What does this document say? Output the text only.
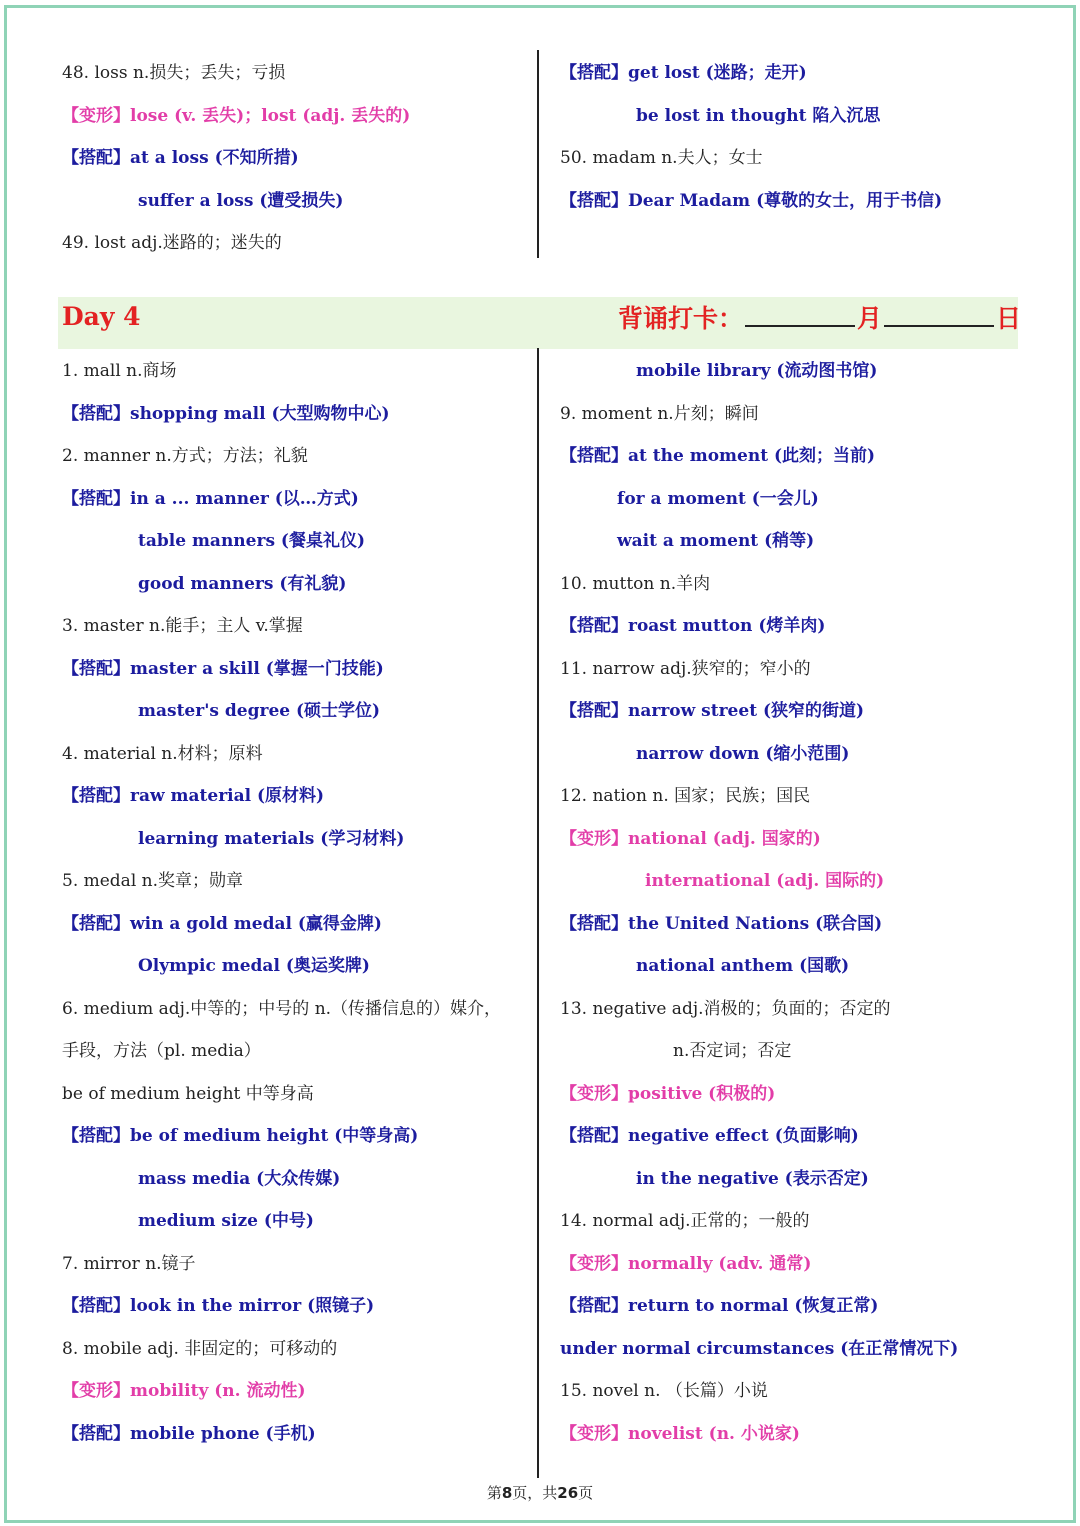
Day 4	背诵打卡：	月	日
第8页，共26页
48. loss n.损失；丢失；亏损
【变形】lose (v. 丢失)；lost (adj. 丢失的)
【搭配】at a loss (不知所措)
suffer a loss (遭受损失)
49. lost adj.迷路的；迷失的
【搭配】get lost (迷路；走开)
be lost in thought 陷入沉思
50. madam n.夫人；女士
【搭配】Dear Madam (尊敬的女士，用于书信)
1. mall n.商场
【搭配】shopping mall (大型购物中心)
2. manner n.方式；方法；礼貌
【搭配】in a ... manner (以…方式)
table manners (餐桌礼仪)
good manners (有礼貌)
3. master n.能手；主人 v.掌握
【搭配】master a skill (掌握一门技能)
master's degree (硕士学位)
4. material n.材料；原料
【搭配】raw material (原材料)
learning materials (学习材料)
5. medal n.奖章；勋章
【搭配】win a gold medal (赢得金牌)
Olympic medal (奥运奖牌)
6. medium adj.中等的；中号的 n.（传播信息的）媒介，
手段，方法（pl. media）
be of medium height 中等身高
【搭配】be of medium height (中等身高)
mass media (大众传媒)
medium size (中号)
7. mirror n.镜子
【搭配】look in the mirror (照镜子)
8. mobile adj. 非固定的；可移动的
【变形】mobility (n. 流动性)
【搭配】mobile phone (手机)
mobile library (流动图书馆)
9. moment n.片刻；瞬间
【搭配】at the moment (此刻；当前)
for a moment (一会儿)
wait a moment (稍等)
10. mutton n.羊肉
【搭配】roast mutton (烤羊肉)
11. narrow adj.狭窄的；窄小的
【搭配】narrow street (狭窄的街道)
narrow down (缩小范围)
12. nation n. 国家；民族；国民
【变形】national (adj. 国家的)
international (adj. 国际的)
【搭配】the United Nations (联合国)
national anthem (国歌)
13. negative adj.消极的；负面的；否定的
n.否定词；否定
【变形】positive (积极的)
【搭配】negative effect (负面影响)
in the negative (表示否定)
14. normal adj.正常的；一般的
【变形】normally (adv. 通常)
【搭配】return to normal (恢复正常)
under normal circumstances (在正常情况下)
15. novel n. （长篇）小说
【变形】novelist (n. 小说家)
